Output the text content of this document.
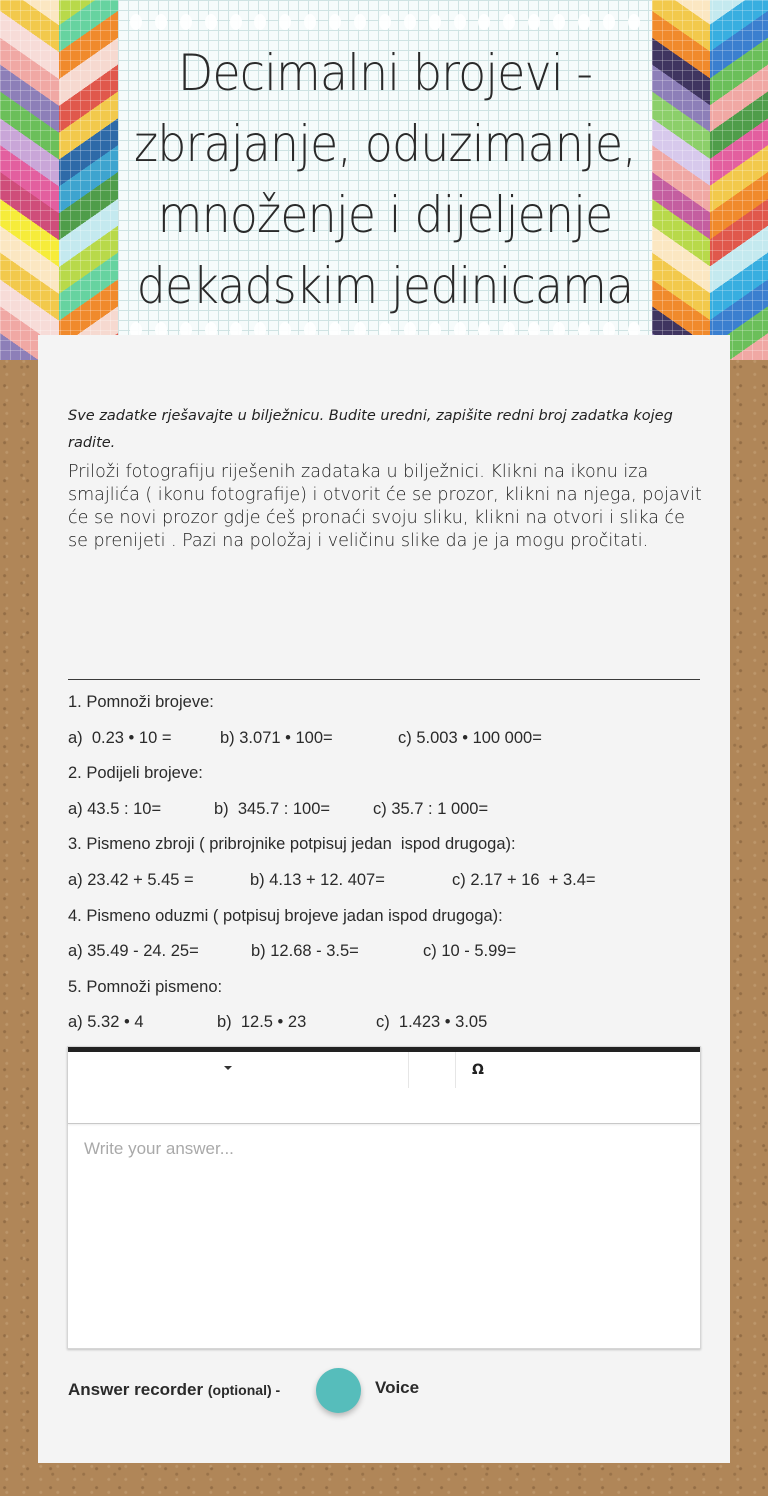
Decimalni brojevi -
zbrajanje, oduzimanje,
množenje i dijeljenje
dekadskim jedinicama

Sve zadatke rješavajte u bilježnicu. Budite uredni, zapišite redni broj zadatka kojeg radite.

Priloži fotografiju riješenih zadataka u bilježnici. Klikni na ikonu iza smajlića ( ikonu fotografije) i otvorit će se prozor, klikni na njega, pojavit će se novi prozor gdje ćeš pronaći svoju sliku, klikni na otvori i slika će se prenijeti . Pazi na položaj i veličinu slike da je ja mogu pročitati.

1. Pomnoži brojeve:

a)  0.23 • 10 =

	b) 3.071 • 100=

	c) 5.003 • 100 000=

2. Podijeli brojeve:

a) 43.5 : 10=

	b)  345.7 : 100=

	c) 35.7 : 1 000=

3. Pismeno zbroji ( pribrojnike potpisuj jedan  ispod drugoga):

a) 23.42 + 5.45 =

	b) 4.13 + 12. 407=

	c) 2.17 + 16  + 3.4=

4. Pismeno oduzmi ( potpisuj brojeve jadan ispod drugoga):

a) 35.49 - 24. 25=

	b) 12.68 - 3.5=

	c) 10 - 5.99=

5. Pomnoži pismeno:

a) 5.32 • 4

	b)  12.5 • 23

	c)  1.423 • 3.05

Ω
Write your answer...
Answer recorder (optional) -	Voice
